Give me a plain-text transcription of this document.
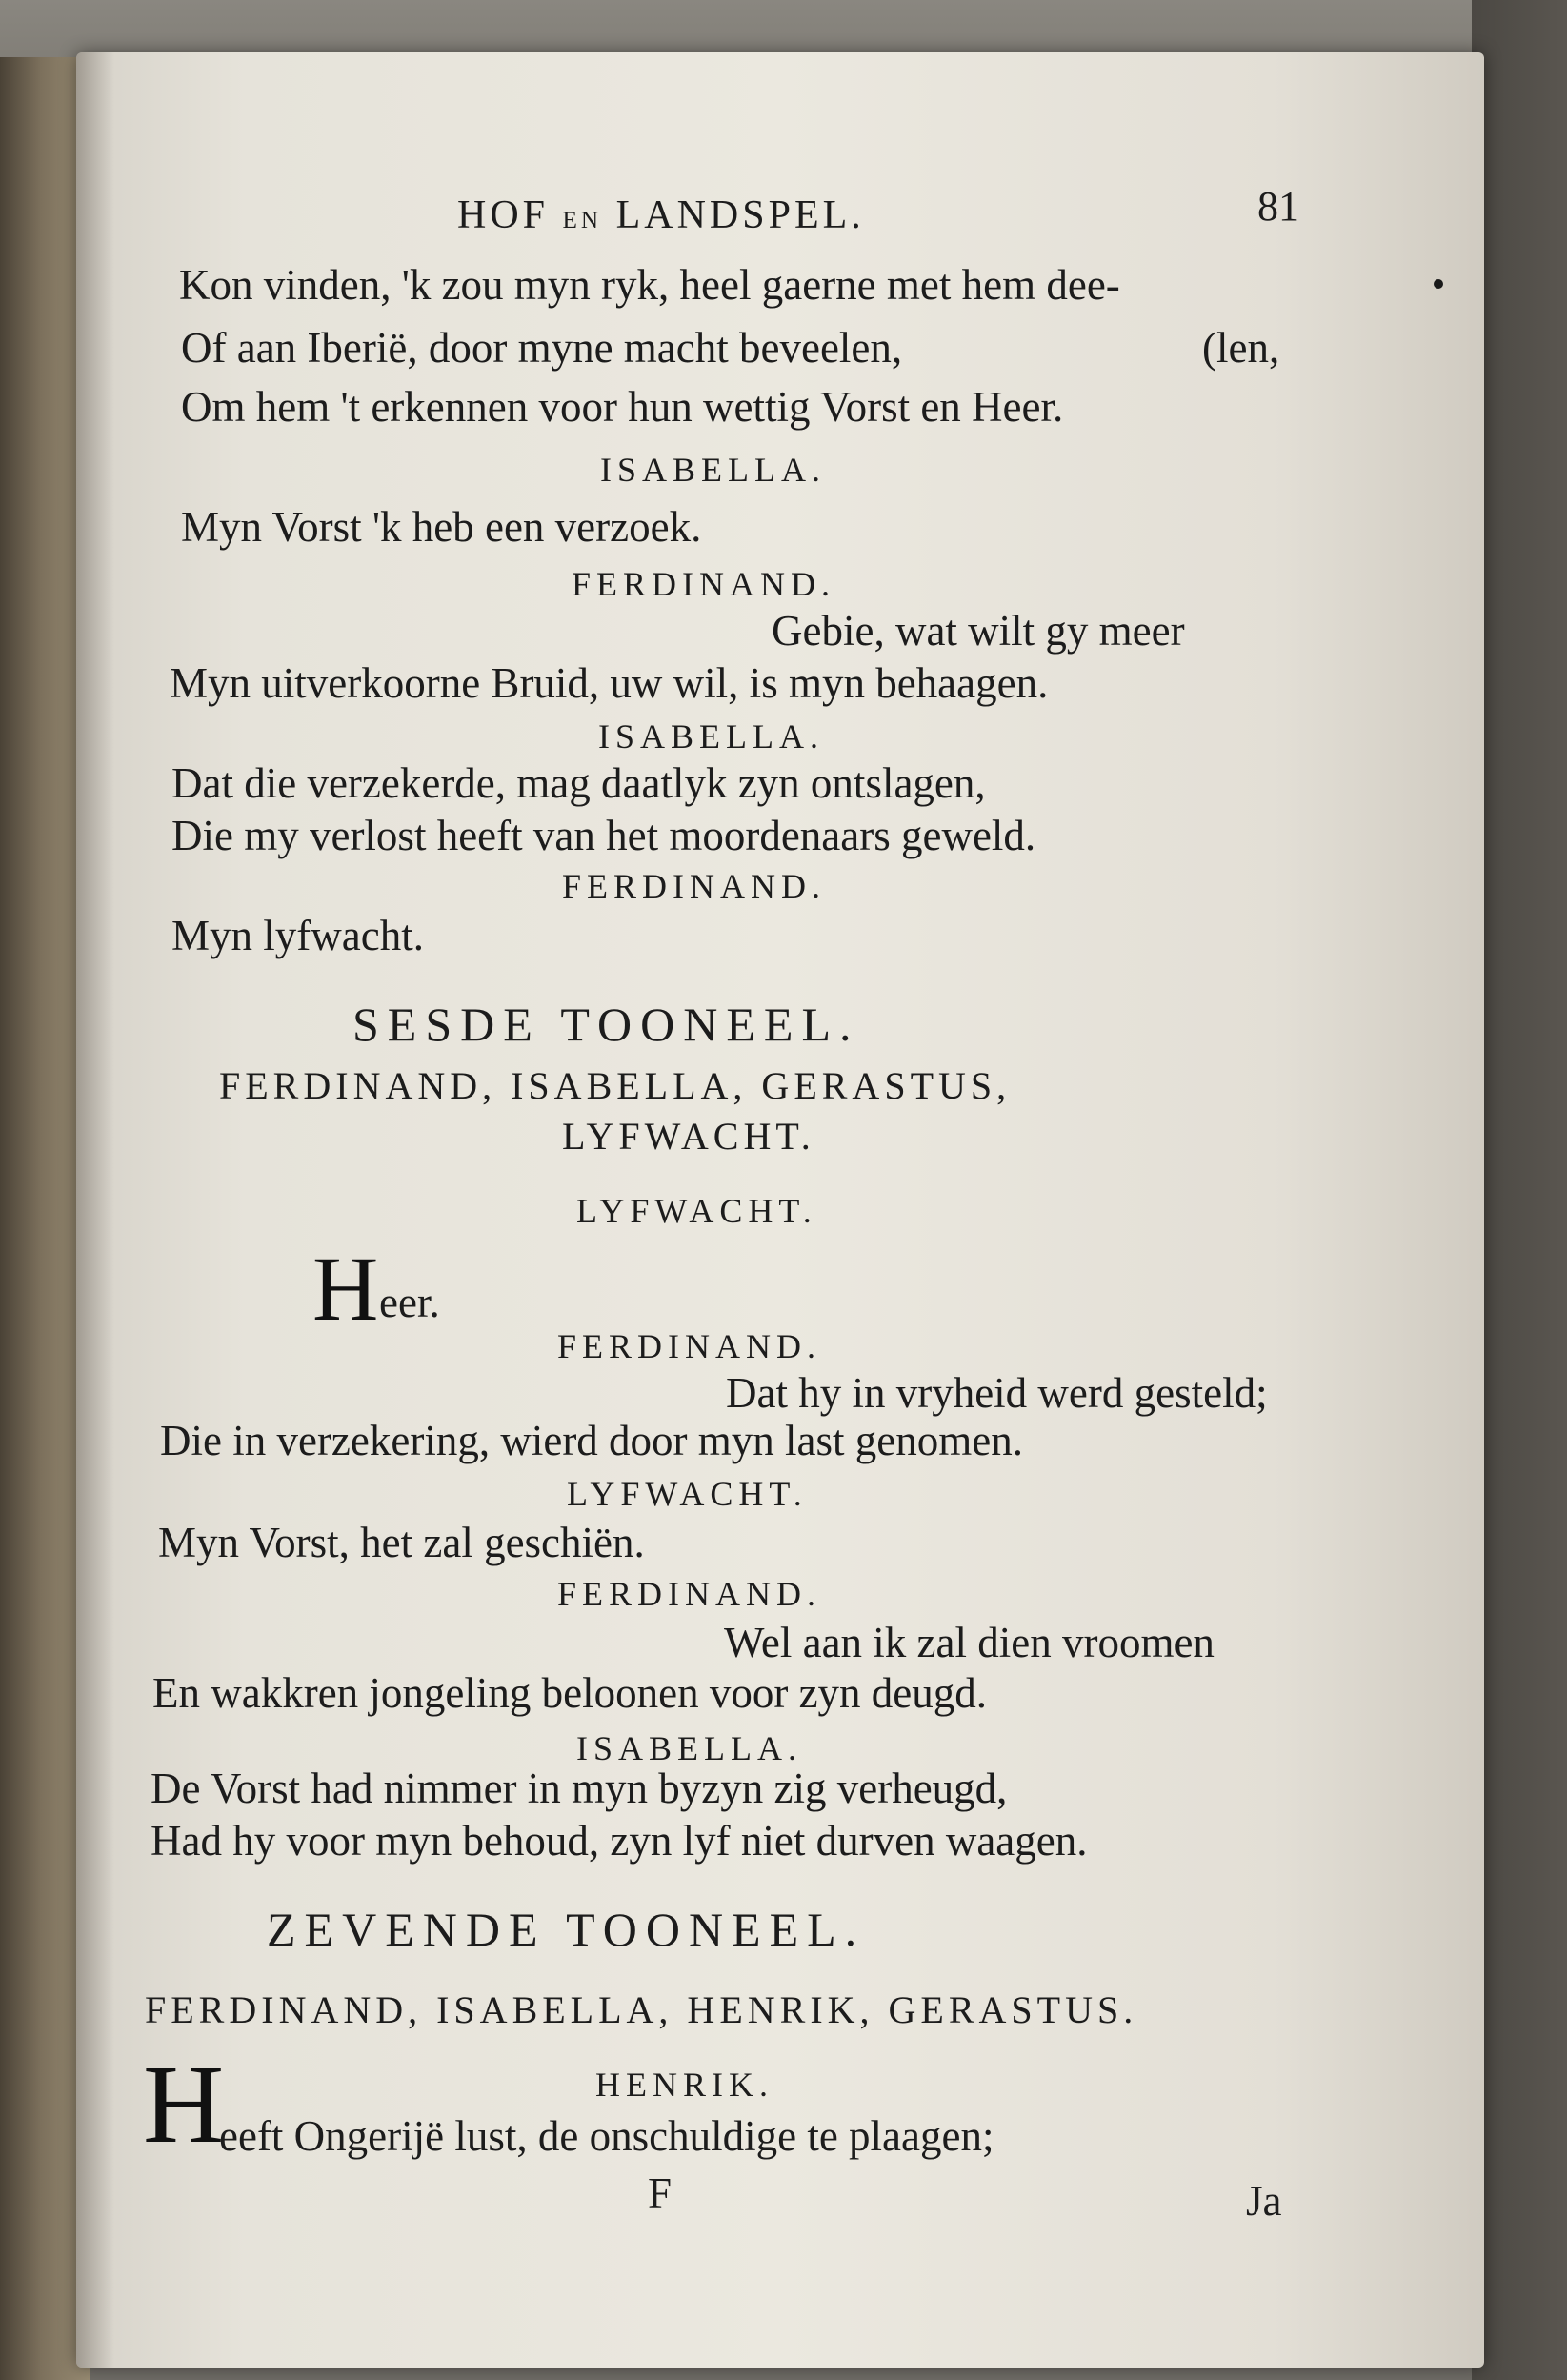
HOF EN LANDSPEL.	81
Kon vinden, 'k zou myn ryk, heel gaerne met hem dee-
Of aan Iberië, door myne macht beveelen,	(len,
Om hem 't erkennen voor hun wettig Vorst en Heer.
ISABELLA.
Myn Vorst 'k heb een verzoek.
FERDINAND.
Gebie, wat wilt gy meer
Myn uitverkoorne Bruid, uw wil, is myn behaagen.
ISABELLA.
Dat die verzekerde, mag daatlyk zyn ontslagen,
Die my verlost heeft van het moordenaars geweld.
FERDINAND.
Myn lyfwacht.
SESDE TOONEEL.
FERDINAND, ISABELLA, GERASTUS,
LYFWACHT.
LYFWACHT.
H eer.
FERDINAND.
Dat hy in vryheid werd gesteld;
Die in verzekering, wierd door myn last genomen.
LYFWACHT.
Myn Vorst, het zal geschiën.
FERDINAND.
Wel aan ik zal dien vroomen
En wakkren jongeling beloonen voor zyn deugd.
ISABELLA.
De Vorst had nimmer in myn byzyn zig verheugd,
Had hy voor myn behoud, zyn lyf niet durven waagen.
ZEVENDE TOONEEL.
FERDINAND, ISABELLA, HENRIK, GERASTUS.
HENRIK.
H
eeft Ongerijë lust, de onschuldige te plaagen;
F	Ja
